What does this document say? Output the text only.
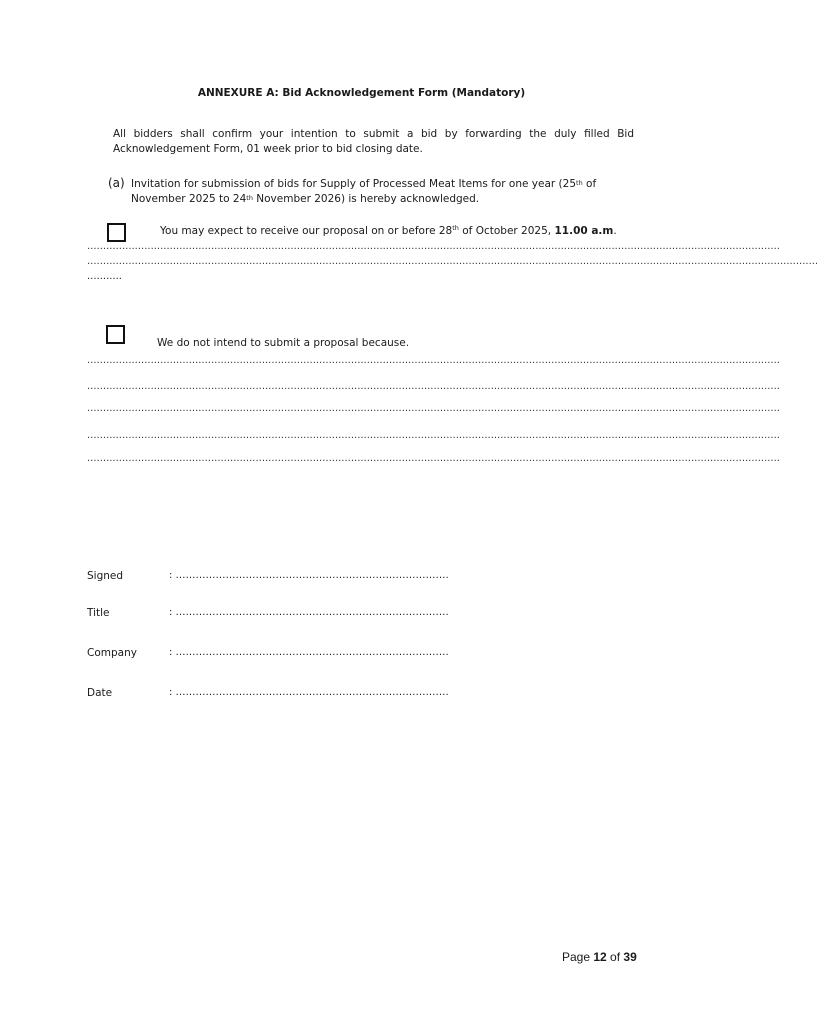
ANNEXURE A: Bid Acknowledgement Form (Mandatory)
All bidders shall confirm your intention to submit a bid by forwarding the duly filled Bid Acknowledgement Form, 01 week prior to bid closing date.
(a) Invitation for submission of bids for Supply of Processed Meat Items for one year (25th of November 2025 to 24th November 2026) is hereby acknowledged.
You may expect to receive our proposal on or before 28th of October 2025, 11.00 a.m.
..........................................................................................................................................................................................................................
......................................................................................................................................................................................................................................
...........
We do not intend to submit a proposal because.
..........................................................................................................................................................................................................................
..........................................................................................................................................................................................................................
..........................................................................................................................................................................................................................
..........................................................................................................................................................................................................................
..........................................................................................................................................................................................................................
Signed	: ……………………………………………………………………….
Title	: ……………………………………………………………………….
Company	: ……………………………………………………………………….
Date	: ……………………………………………………………………….
Page 12 of 39
